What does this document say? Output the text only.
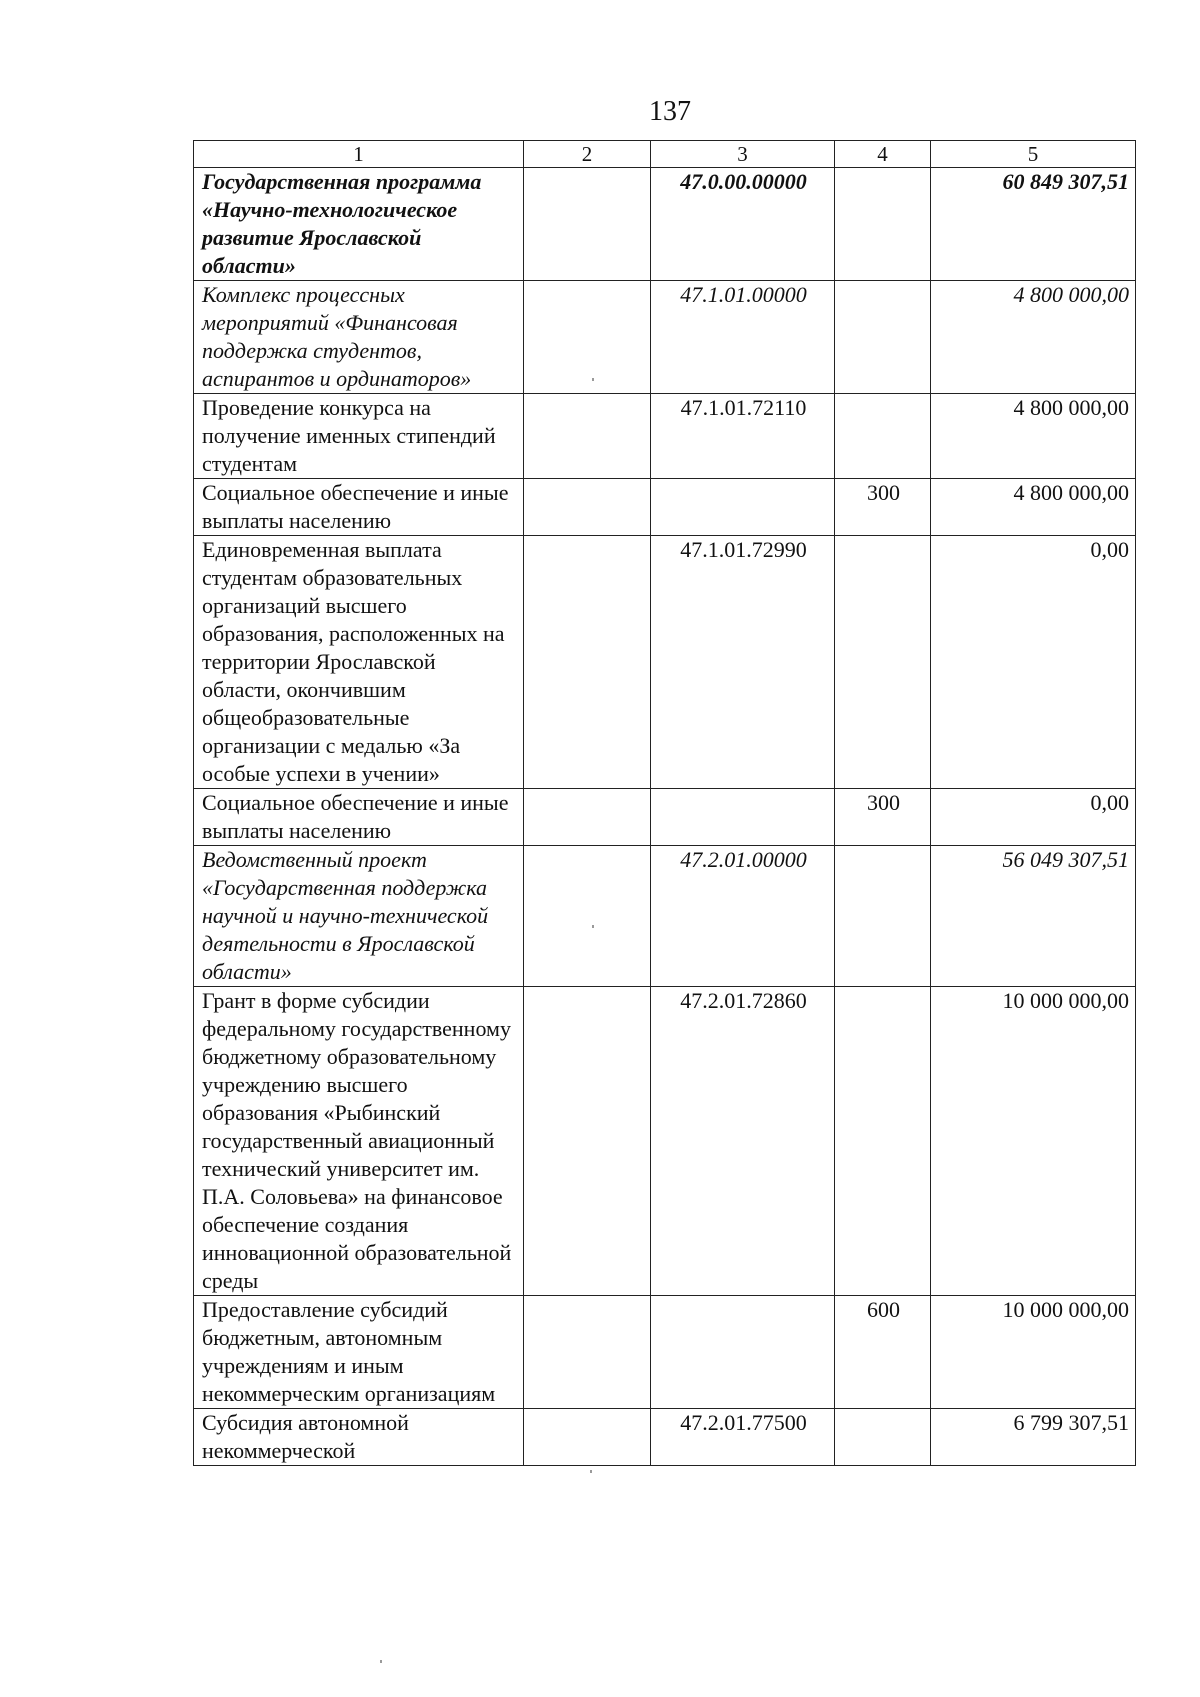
137
1	2	3	4	5
Государственная программа «Научно-технологическое развитие Ярославской области»		47.0.00.00000		60 849 307,51
Комплекс процессных мероприятий «Финансовая поддержка студентов, аспирантов и ординаторов»		47.1.01.00000		4 800 000,00
Проведение конкурса на получение именных стипендий студентам		47.1.01.72110		4 800 000,00
Социальное обеспечение и иные выплаты населению			300	4 800 000,00
Единовременная выплата студентам образовательных организаций высшего образования, расположенных на территории Ярославской области, окончившим общеобразовательные организации с медалью «За особые успехи в учении»		47.1.01.72990		0,00
Социальное обеспечение и иные выплаты населению			300	0,00
Ведомственный проект «Государственная поддержка научной и научно-технической деятельности в Ярославской области»		47.2.01.00000		56 049 307,51
Грант в форме субсидии федеральному государственному бюджетному образовательному учреждению высшего образования «Рыбинский государственный авиационный технический университет им. П.А. Соловьева» на финансовое обеспечение создания инновационной образовательной среды		47.2.01.72860		10 000 000,00
Предоставление субсидий бюджетным, автономным учреждениям и иным некоммерческим организациям			600	10 000 000,00
Субсидия автономной некоммерческой		47.2.01.77500		6 799 307,51
